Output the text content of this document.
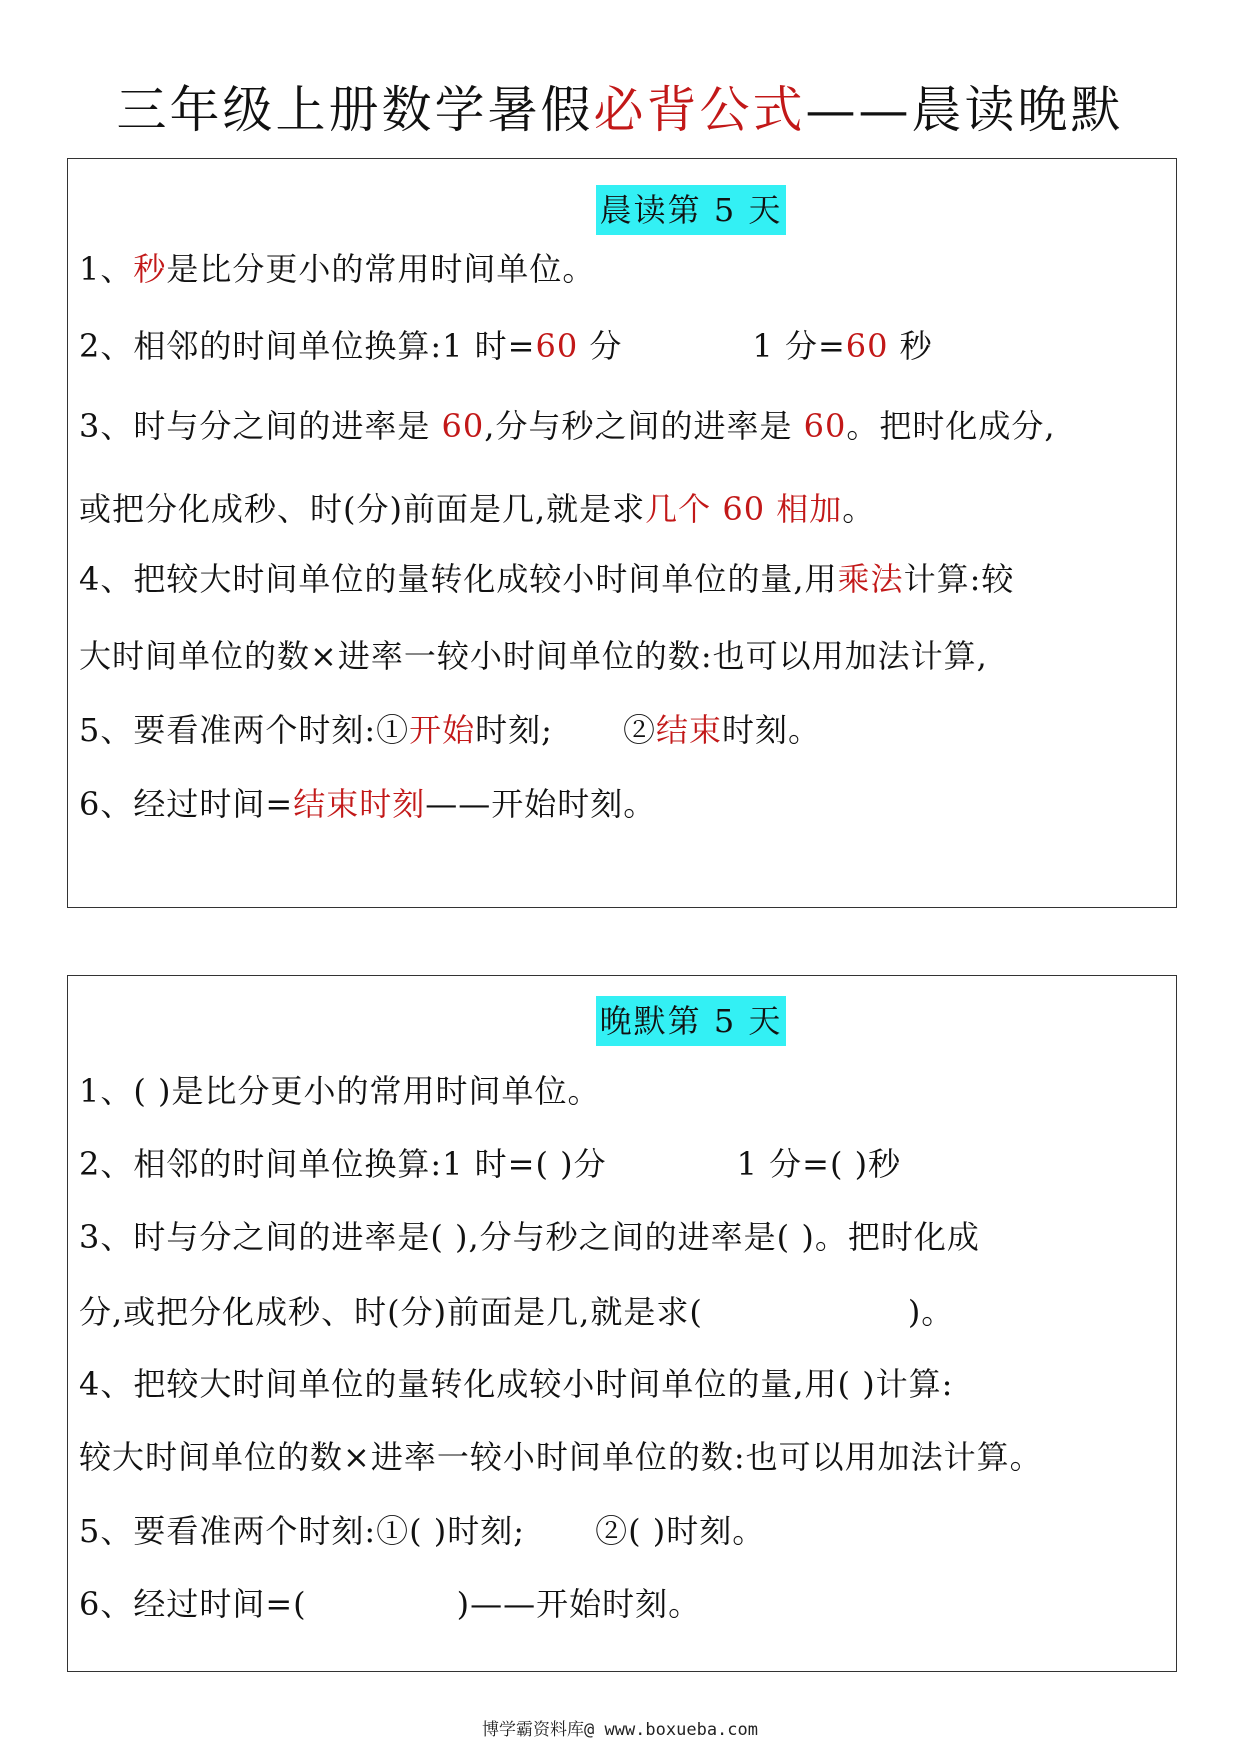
三年级上册数学暑假必背公式——晨读晚默
晨读第 5 天
1、秒是比分更小的常用时间单位。
2、相邻的时间单位换算:1 时=60 分	1 分=60 秒
3、时与分之间的进率是 60,分与秒之间的进率是 60。把时化成分,
或把分化成秒、时(分)前面是几,就是求几个 60 相加。
4、把较大时间单位的量转化成较小时间单位的量,用乘法计算:较
大时间单位的数×进率一较小时间单位的数:也可以用加法计算,
5、要看准两个时刻:①开始时刻; ②结束时刻。
6、经过时间=结束时刻——开始时刻。
晚默第 5 天
1、( )是比分更小的常用时间单位。
2、相邻的时间单位换算:1 时=( )分	1 分=( )秒
3、时与分之间的进率是( ),分与秒之间的进率是( )。把时化成
分,或把分化成秒、时(分)前面是几,就是求(	)。
4、把较大时间单位的量转化成较小时间单位的量,用( )计算:
较大时间单位的数×进率一较小时间单位的数:也可以用加法计算。
5、要看准两个时刻:①( )时刻; ②( )时刻。
6、经过时间=(	)——开始时刻。
博学霸资料库@ www.boxueba.com
